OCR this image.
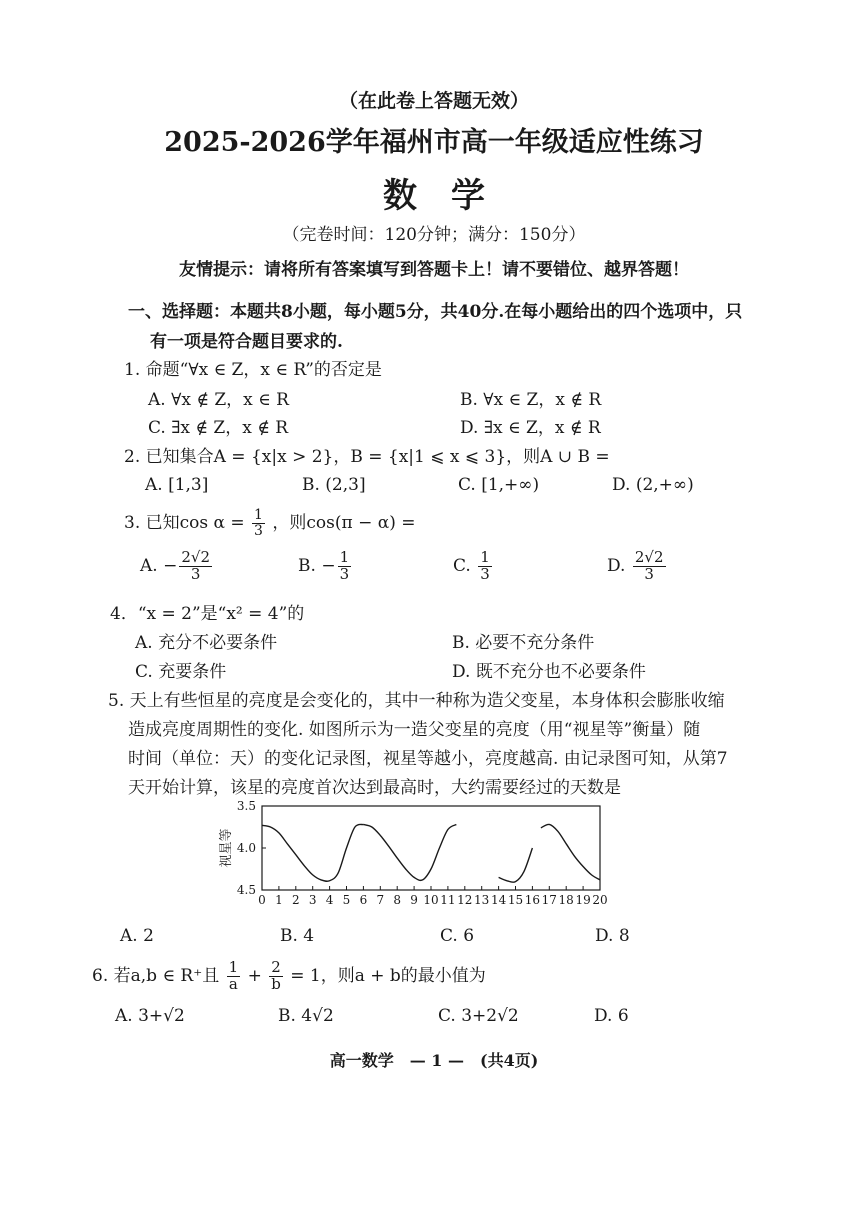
（在此卷上答题无效）
2025-2026学年福州市高一年级适应性练习
数　学
（完卷时间：120分钟；满分：150分）
友情提示：请将所有答案填写到答题卡上！请不要错位、越界答题！
一、选择题：本题共8小题，每小题5分，共40分.在每小题给出的四个选项中，只
有一项是符合题目要求的.
1. 命题“∀x ∈ Z，x ∈ R”的否定是
A. ∀x ∉ Z，x ∈ R	B. ∀x ∈ Z，x ∉ R
C. ∃x ∉ Z，x ∉ R	D. ∃x ∈ Z，x ∉ R
2. 已知集合A = {x|x > 2}，B = {x|1 ⩽ x ⩽ 3}，则A ∪ B =
A. [1,3]	B. (2,3]	C. [1,+∞)	D. (2,+∞)
3. 已知$\cos \alpha = \frac{1}{3}$ ，则cos(π − α) =
A. − $\frac{2√2}{3}$	B. − $\frac{1}{3}$	C. $\frac{1}{3}$	D. $\frac{2√2}{3}$
4．“x = 2”是“x² = 4”的
A. 充分不必要条件	B. 必要不充分条件
C. 充要条件	D. 既不充分也不必要条件
5. 天上有些恒星的亮度是会变化的，其中一种称为造父变星，本身体积会膨胀收缩
造成亮度周期性的变化. 如图所示为一造父变星的亮度（用“视星等”衡量）随
时间（单位：天）的变化记录图，视星等越小，亮度越高. 由记录图可知，从第7
天开始计算，该星的亮度首次达到最高时，大约需要经过的天数是
0 1 2 3 4 5 6 7 8 9 10 11 12 13 14 15 16 17 18 19 20
3.5
4.0
4.5
视星等
A. 2	B. 4	C. 6	D. 8
6. 若a,b ∈ R⁺且 $\frac{1}{a} + \frac{2}{b} = 1$，则a + b的最小值为
A. 3+√2	B. 4√2	C. 3+2√2	D. 6
高一数学　— 1 —　(共4页)
